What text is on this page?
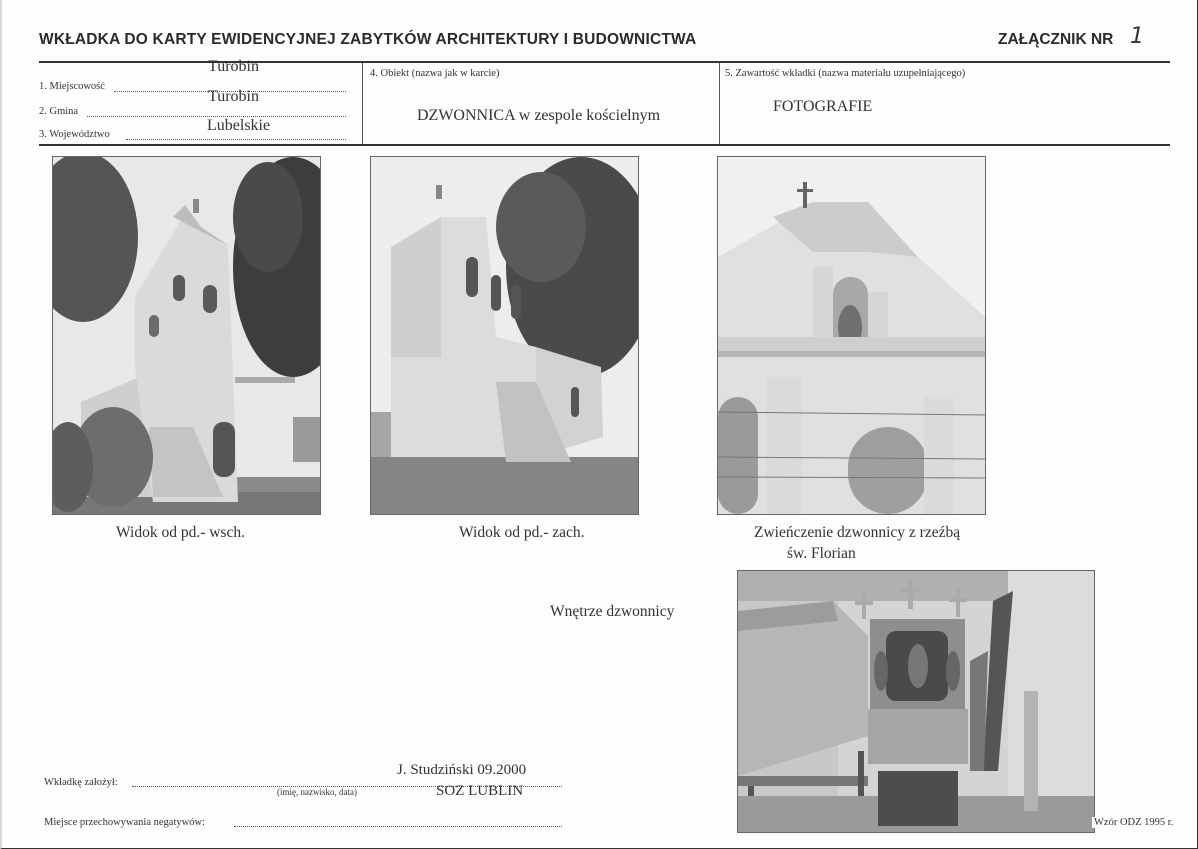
WKŁADKA DO KARTY EWIDENCYJNEJ ZABYTKÓW ARCHITEKTURY I BUDOWNICTWA	ZAŁĄCZNIK NR 1
1. Miejscowość
Turobin
2. Gmina
Turobin
3. Województwo
Lubelskie
4. Obiekt (nazwa jak w karcie)
DZWONNICA w zespole kościelnym
5. Zawartość wkładki (nazwa materiału uzupełniającego)
FOTOGRAFIE
Widok od pd.- wsch.	Widok od pd.- zach.	Zwieńczenie dzwonnicy z rzeźbą
św. Florian
Wnętrze dzwonnicy
Wkładkę założył:
J. Studziński 09.2000
(imię, nazwisko, data)	SOZ LUBLIN
Miejsce przechowywania negatywów:	Wzór ODZ 1995 r.
